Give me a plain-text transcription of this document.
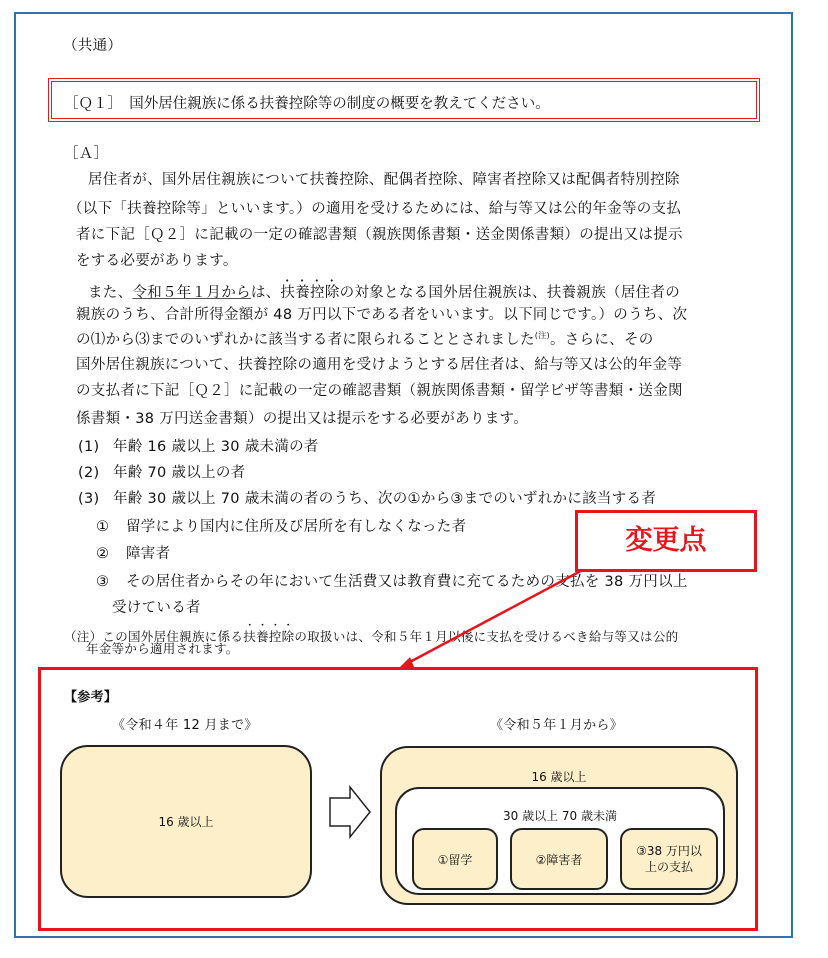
（共通）
［Ｑ１］　国外居住親族に係る扶養控除等の制度の概要を教えてください。
［Ａ］
居住者が、国外居住親族について扶養控除、配偶者控除、障害者控除又は配偶者特別控除
（以下「扶養控除等」といいます。）の適用を受けるためには、給与等又は公的年金等の支払
者に下記［Ｑ２］に記載の一定の確認書類（親族関係書類・送金関係書類）の提出又は提示
をする必要があります。
また、令和５年１月からは、扶養控除の対象となる国外居住親族は、扶養親族（居住者の
親族のうち、合計所得金額が 48 万円以下である者をいいます。以下同じです。）のうち、次
の⑴から⑶までのいずれかに該当する者に限られることとされました$^{(注)}$。さらに、その
国外居住親族について、扶養控除の適用を受けようとする居住者は、給与等又は公的年金等
の支払者に下記［Ｑ２］に記載の一定の確認書類（親族関係書類・留学ビザ等書類・送金関
係書類・38 万円送金書類）の提出又は提示をする必要があります。
(1) 年齢 16 歳以上 30 歳未満の者
(2) 年齢 70 歳以上の者
(3) 年齢 30 歳以上 70 歳未満の者のうち、次の①から③までのいずれかに該当する者
① 留学により国内に住所及び居所を有しなくなった者
② 障害者
③ その居住者からその年において生活費又は教育費に充てるための支払を 38 万円以上
受けている者
（注）この国外居住親族に係る扶養控除の取扱いは、令和５年１月以後に支払を受けるべき給与等又は公的
年金等から適用されます。
変更点
【参考】
《令和４年 12 月まで》	《令和５年１月から》
16 歳以上
16 歳以上
30 歳以上 70 歳未満
①留学	②障害者
③38 万円以上の支払
